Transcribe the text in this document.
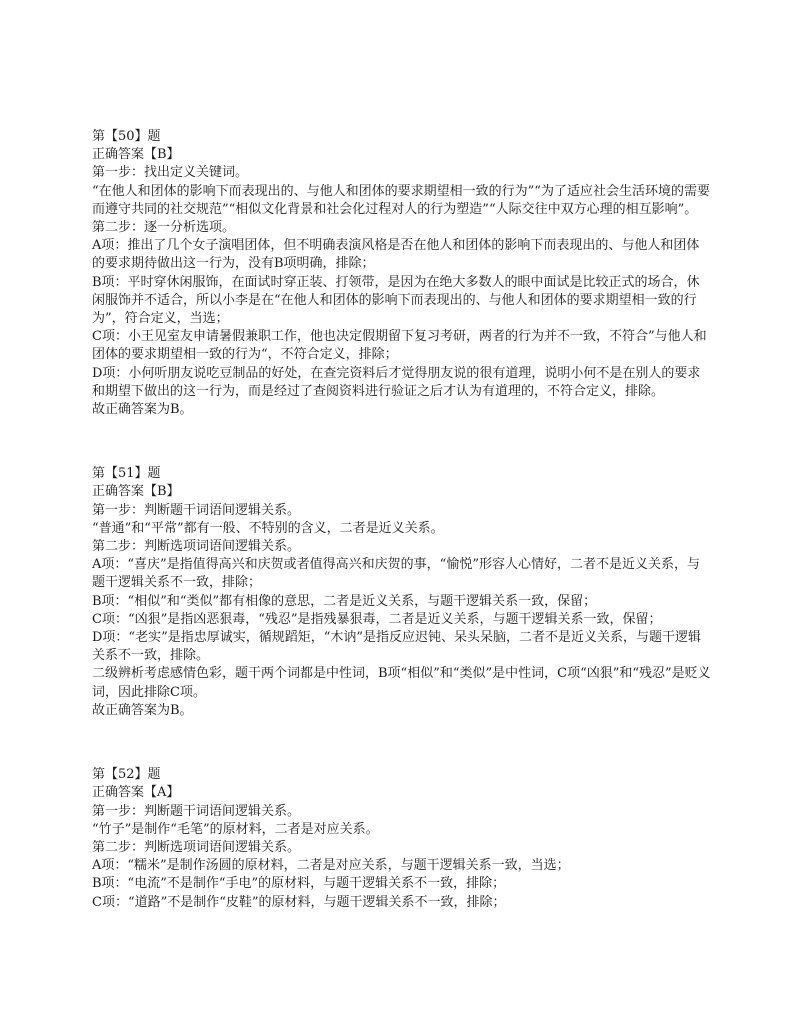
第【50】题
正确答案【B】
第一步：找出定义关键词。
“在他人和团体的影响下而表现出的、与他人和团体的要求期望相一致的行为”“为了适应社会生活环境的需要而遵守共同的社交规范”“相似文化背景和社会化过程对人的行为塑造”“人际交往中双方心理的相互影响”。
第二步：逐一分析选项。
A项：推出了几个女子演唱团体，但不明确表演风格是否在他人和团体的影响下而表现出的、与他人和团体的要求期待做出这一行为，没有B项明确，排除；
B项：平时穿休闲服饰，在面试时穿正装、打领带，是因为在绝大多数人的眼中面试是比较正式的场合，休闲服饰并不适合，所以小李是在“在他人和团体的影响下而表现出的、与他人和团体的要求期望相一致的行为”，符合定义，当选；
C项：小王见室友申请暑假兼职工作，他也决定假期留下复习考研，两者的行为并不一致，不符合”与他人和团体的要求期望相一致的行为“，不符合定义，排除；
D项：小何听朋友说吃豆制品的好处，在查完资料后才觉得朋友说的很有道理，说明小何不是在别人的要求和期望下做出的这一行为，而是经过了查阅资料进行验证之后才认为有道理的，不符合定义，排除。
故正确答案为B。
第【51】题
正确答案【B】
第一步：判断题干词语间逻辑关系。
“普通”和“平常”都有一般、不特别的含义，二者是近义关系。
第二步：判断选项词语间逻辑关系。
A项：“喜庆”是指值得高兴和庆贺或者值得高兴和庆贺的事，“愉悦”形容人心情好，二者不是近义关系，与题干逻辑关系不一致，排除；
B项：“相似”和“类似”都有相像的意思，二者是近义关系，与题干逻辑关系一致，保留；
C项：“凶狠”是指凶恶狠毒，“残忍”是指残暴狠毒，二者是近义关系，与题干逻辑关系一致，保留；
D项：“老实”是指忠厚诚实，循规蹈矩，“木讷”是指反应迟钝、呆头呆脑，二者不是近义关系，与题干逻辑关系不一致，排除。
二级辨析考虑感情色彩，题干两个词都是中性词，B项“相似”和“类似”是中性词，C项“凶狠”和“残忍”是贬义词，因此排除C项。
故正确答案为B。
第【52】题
正确答案【A】
第一步：判断题干词语间逻辑关系。
“竹子”是制作“毛笔”的原材料，二者是对应关系。
第二步：判断选项词语间逻辑关系。
A项：“糯米”是制作汤圆的原材料，二者是对应关系，与题干逻辑关系一致，当选；
B项：“电流”不是制作“手电”的原材料，与题干逻辑关系不一致，排除；
C项：“道路”不是制作“皮鞋”的原材料，与题干逻辑关系不一致，排除；
